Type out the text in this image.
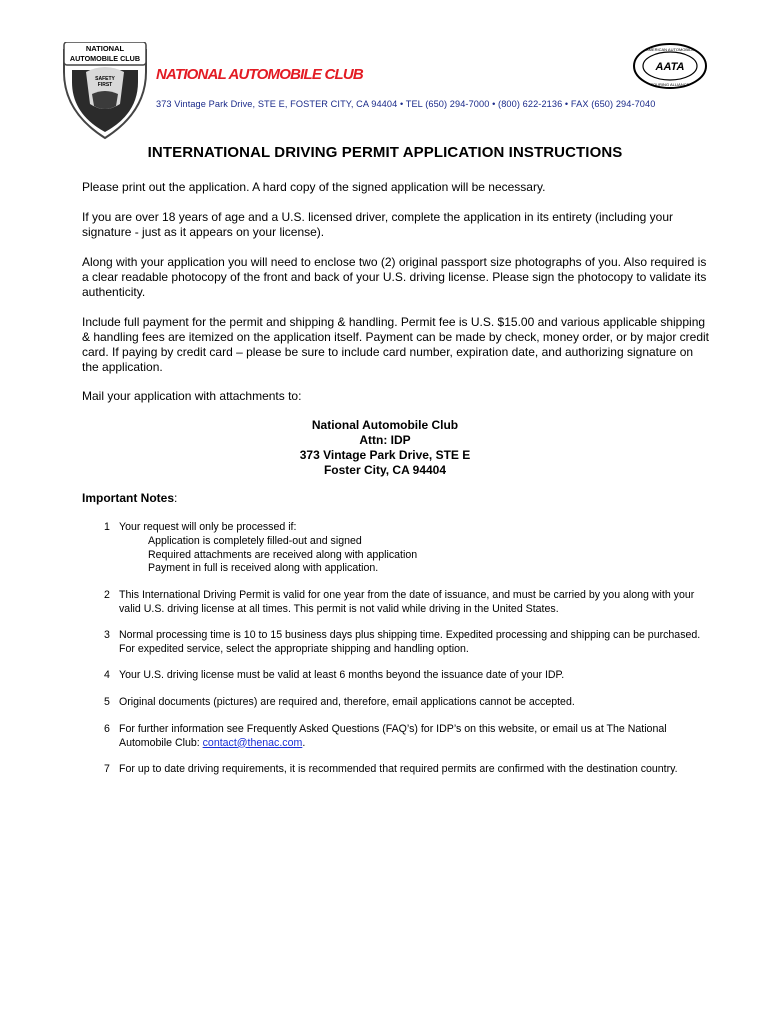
NATIONAL
AUTOMOBILE CLUB
SAFETY
FIRST
NATIONAL AUTOMOBILE CLUB
373 Vintage Park Drive, STE E, FOSTER CITY, CA 94404 • TEL (650) 294-7000 • (800) 622-2136 • FAX (650) 294-7040
AMERICAN AUTOMOBILE
AATA
TOURING ALLIANCE
INTERNATIONAL DRIVING PERMIT APPLICATION INSTRUCTIONS
Please print out the application. A hard copy of the signed application will be necessary.
If you are over 18 years of age and a U.S. licensed driver, complete the application in its entirety (including your signature - just as it appears on your license).
Along with your application you will need to enclose two (2) original passport size photographs of you. Also required is a clear readable photocopy of the front and back of your U.S. driving license. Please sign the photocopy to validate its authenticity.
Include full payment for the permit and shipping & handling. Permit fee is U.S. $15.00 and various applicable shipping & handling fees are itemized on the application itself. Payment can be made by check, money order, or by major credit card. If paying by credit card – please be sure to include card number, expiration date, and authorizing signature on the application.
Mail your application with attachments to:
National Automobile Club
Attn: IDP
373 Vintage Park Drive, STE E
Foster City, CA 94404
Important Notes:
1 Your request will only be processed if:
Application is completely filled-out and signed
Required attachments are received along with application
Payment in full is received along with application.
2 This International Driving Permit is valid for one year from the date of issuance, and must be carried by you along with your valid U.S. driving license at all times. This permit is not valid while driving in the United States.
3 Normal processing time is 10 to 15 business days plus shipping time. Expedited processing and shipping can be purchased. For expedited service, select the appropriate shipping and handling option.
4 Your U.S. driving license must be valid at least 6 months beyond the issuance date of your IDP.
5 Original documents (pictures) are required and, therefore, email applications cannot be accepted.
6 For further information see Frequently Asked Questions (FAQ’s) for IDP’s on this website, or email us at The National Automobile Club: contact@thenac.com.
7 For up to date driving requirements, it is recommended that required permits are confirmed with the destination country.
